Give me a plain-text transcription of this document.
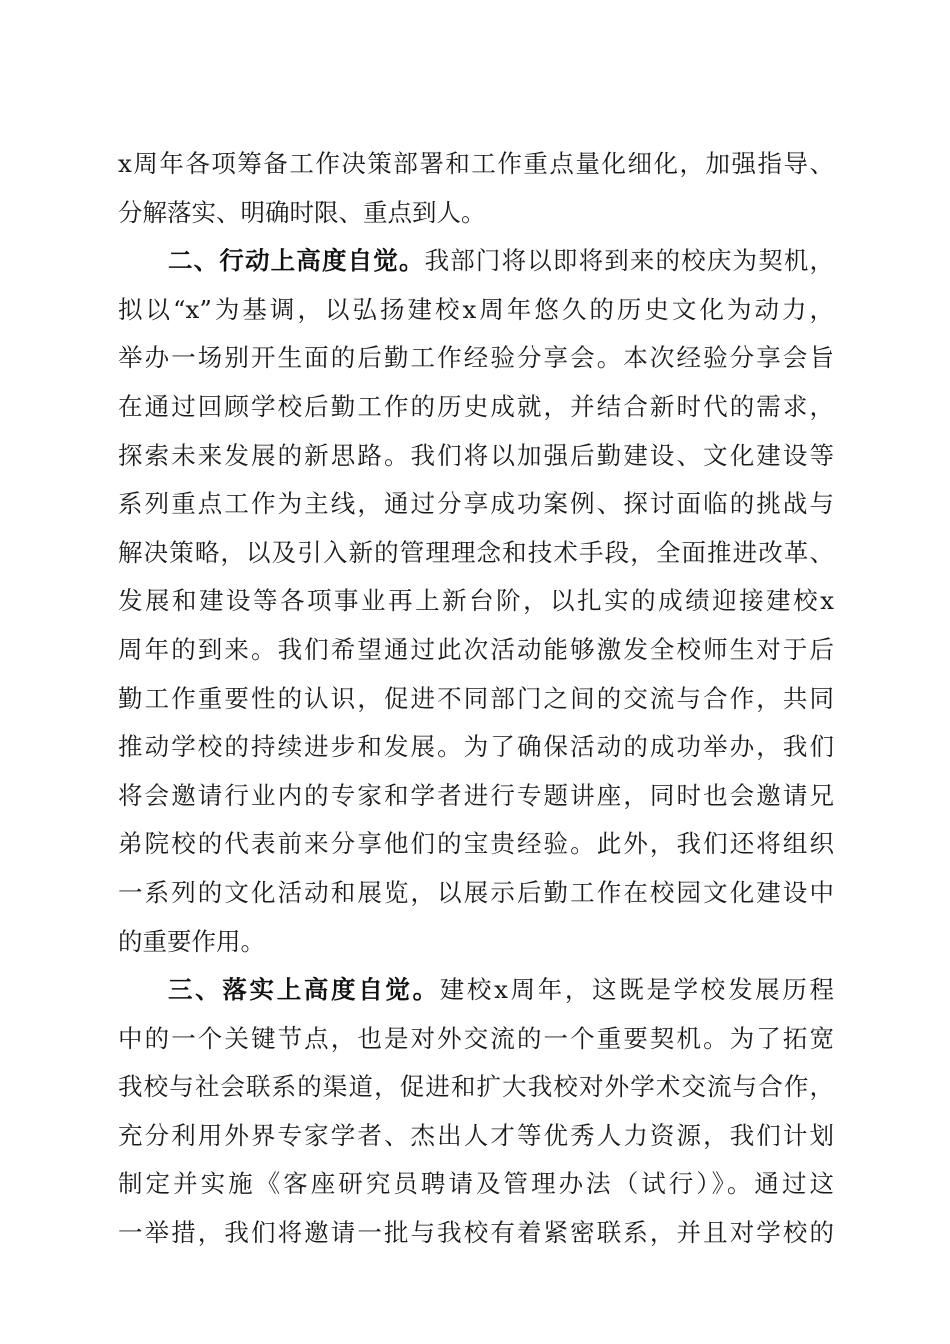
x周年各项筹备工作决策部署和工作重点量化细化，加强指导、
分解落实、明确时限、重点到人。
二、行动上高度自觉。我部门将以即将到来的校庆为契机，
拟以“x”为基调，以弘扬建校x周年悠久的历史文化为动力，
举办一场别开生面的后勤工作经验分享会。本次经验分享会旨
在通过回顾学校后勤工作的历史成就，并结合新时代的需求，
探索未来发展的新思路。我们将以加强后勤建设、文化建设等
系列重点工作为主线，通过分享成功案例、探讨面临的挑战与
解决策略，以及引入新的管理理念和技术手段，全面推进改革、
发展和建设等各项事业再上新台阶，以扎实的成绩迎接建校x
周年的到来。我们希望通过此次活动能够激发全校师生对于后
勤工作重要性的认识，促进不同部门之间的交流与合作，共同
推动学校的持续进步和发展。为了确保活动的成功举办，我们
将会邀请行业内的专家和学者进行专题讲座，同时也会邀请兄
弟院校的代表前来分享他们的宝贵经验。此外，我们还将组织
一系列的文化活动和展览，以展示后勤工作在校园文化建设中
的重要作用。
三、落实上高度自觉。建校x周年，这既是学校发展历程
中的一个关键节点，也是对外交流的一个重要契机。为了拓宽
我校与社会联系的渠道，促进和扩大我校对外学术交流与合作，
充分利用外界专家学者、杰出人才等优秀人力资源，我们计划
制定并实施《客座研究员聘请及管理办法（试行）》。通过这
一举措，我们将邀请一批与我校有着紧密联系，并且对学校的
